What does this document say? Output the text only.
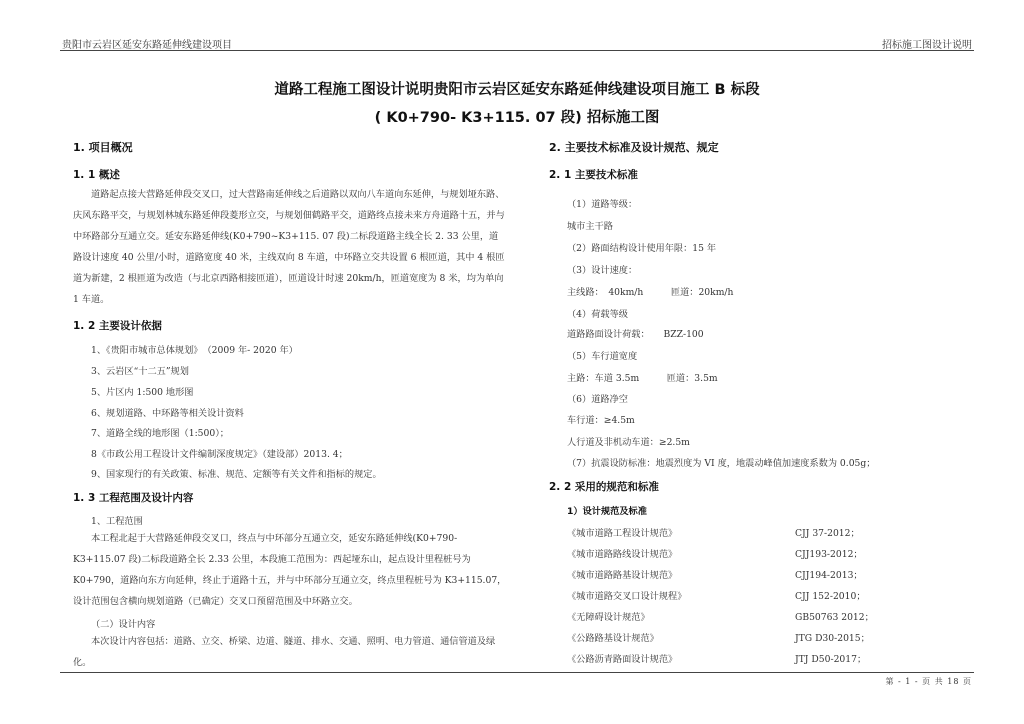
贵阳市云岩区延安东路延伸线建设项目	招标施工图设计说明
道路工程施工图设计说明贵阳市云岩区延安东路延伸线建设项目施工 B 标段
( K0+790- K3+115. 07 段) 招标施工图
1. 项目概况
1. 1 概述
道路起点接大营路延伸段交叉口，过大营路南延伸线之后道路以双向八车道向东延伸，与规划垭东路、庆风东路平交，与规划林城东路延伸段菱形立交，与规划佃鹤路平交，道路终点接未来方舟道路十五，并与中环路部分互通立交。延安东路延伸线(K0+790~K3+115. 07 段)二标段道路主线全长 2. 33 公里，道路设计速度 40 公里/小时，道路宽度 40 米，主线双向 8 车道，中环路立交共设置 6 根匝道，其中 4 根匝道为新建，2 根匝道为改造（与北京西路相接匝道），匝道设计时速 20km/h，匝道宽度为 8 米，均为单向 1 车道。
1. 2 主要设计依据
1、《贵阳市城市总体规划》　（2009 年- 2020 年）
3、云岩区“十二五”规划
5、片区内 1:500 地形图
6、规划道路、中环路等相关设计资料
7、道路全线的地形图（1:500）；
8《市政公用工程设计文件编制深度规定》（建设部）2013. 4；
9、国家现行的有关政策、标准、规范、定额等有关文件和指标的规定。
1. 3 工程范围及设计内容
1、工程范围
本工程北起于大营路延伸段交叉口，终点与中环部分互通立交，延安东路延伸线(K0+790-K3+115.07 段)二标段道路全长 2.33 公里，本段施工范围为：西起垭东山，起点设计里程桩号为 K0+790，道路向东方向延伸，终止于道路十五，并与中环部分互通立交，终点里程桩号为 K3+115.07，设计范围包含横向规划道路（已确定）交叉口预留范围及中环路立交。
（二）设计内容
本次设计内容包括：道路、立交、桥梁、边道、隧道、排水、交通、照明、电力管道、通信管道及绿化。
2. 主要技术标准及设计规范、规定
2. 1 主要技术标准
（1）道路等级：
城市主干路
（2）路面结构设计使用年限：15 年
（3）设计速度：
主线路：　40km/h　　　匝道：20km/h
（4）荷载等级
道路路面设计荷载：　　BZZ-100
（5）车行道宽度
主路：车道 3.5m　　　匝道：3.5m
（6）道路净空
车行道：≥4.5m
人行道及非机动车道：≥2.5m
（7）抗震设防标准：地震烈度为 VI 度，地震动峰值加速度系数为 0.05g；
2. 2 采用的规范和标准
1）设计规范及标准
《城市道路工程设计规范》	CJJ 37-2012；
《城市道路路线设计规范》	CJJ193-2012；
《城市道路路基设计规范》	CJJ194-2013；
《城市道路交叉口设计规程》	CJJ 152-2010；
《无障碍设计规范》	GB50763 2012；
《公路路基设计规范》	JTG D30-2015；
《公路沥青路面设计规范》	JTJ D50-2017；
第 - 1 - 页 共 18 页
